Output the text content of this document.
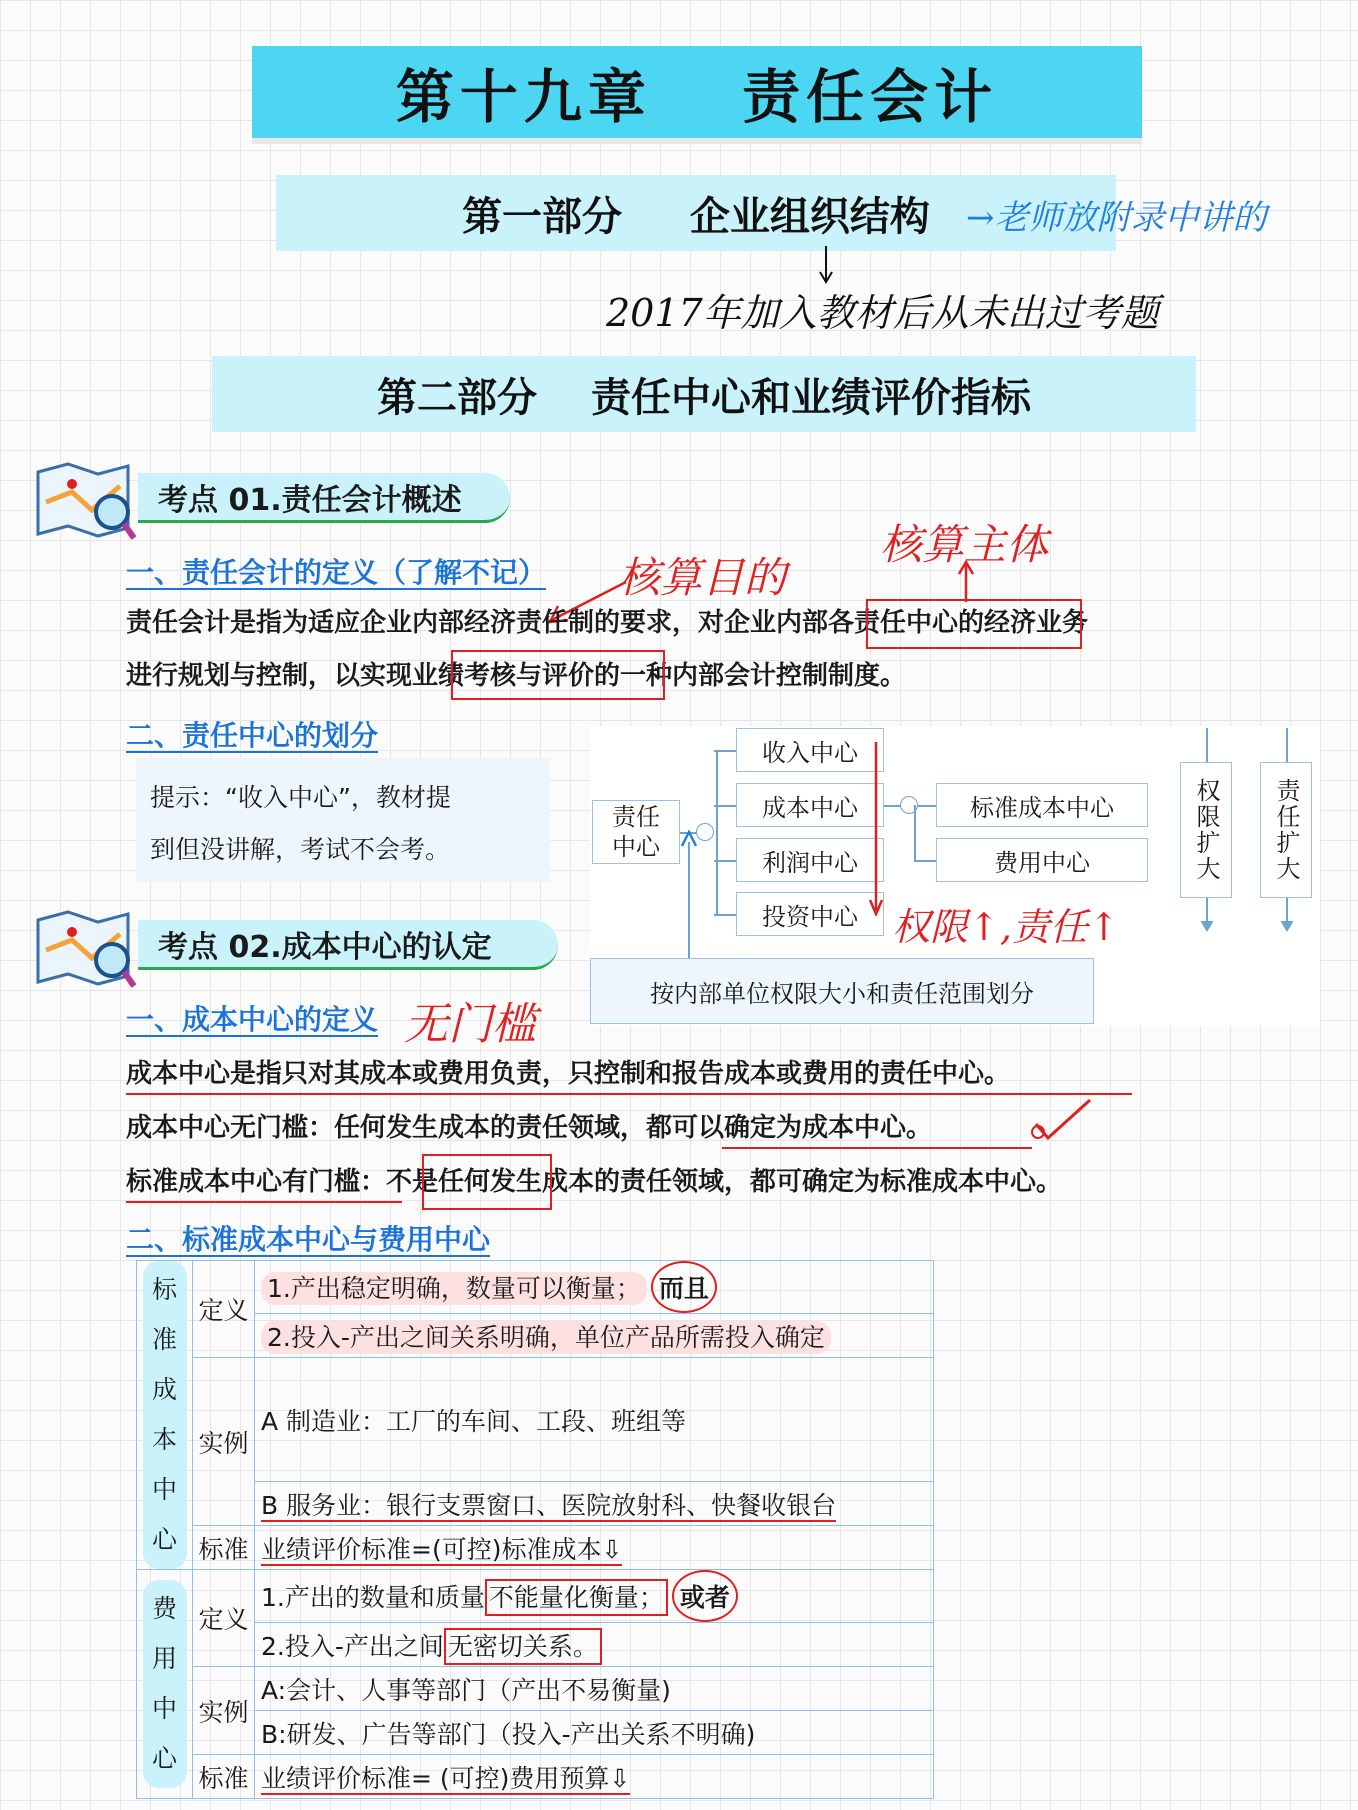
第十九章　 责任会计
第一部分　  企业组织结构	→老师放附录中讲的
2017年加入教材后从未出过考题
第二部分　 责任中心和业绩评价指标
考点 01.责任会计概述
一、责任会计的定义（了解不记） 核算目的
核算主体
责任会计是指为适应企业内部经济责任制的要求，对企业内部各责任中心的经济业务
进行规划与控制，以实现业绩考核与评价的一种内部会计控制制度。
二、责任中心的划分
提示：“收入中心”，教材提
到但没讲解，考试不会考。
责任中心
收入中心
成本中心
利润中心
投资中心
标准成本中心
费用中心
权限↑,责任↑
按内部单位权限大小和责任范围划分
权限扩大 责任扩大
考点 02.成本中心的认定
一、成本中心的定义 无门槛
成本中心是指只对其成本或费用负责，只控制和报告成本或费用的责任中心。
成本中心无门槛：任何发生成本的责任领域，都可以确定为成本中心。
标准成本中心有门槛：不是任何发生成本的责任领域，都可确定为标准成本中心。
二、标准成本中心与费用中心
标准成本中心	定义	1.产出稳定明确，数量可以衡量； 而且
		2.投入-产出之间关系明确，单位产品所需投入确定
	实例	A 制造业：工厂的车间、工段、班组等
		B 服务业：银行支票窗口、医院放射科、快餐收银台
	标准	业绩评价标准=(可控)标准成本⇩
费用中心	定义	1.产出的数量和质量 不能量化衡量； 或者
		2.投入-产出之间 无密切关系。
	实例	A:会计、人事等部门（产出不易衡量)
		B:研发、广告等部门（投入-产出关系不明确)
	标准	业绩评价标准= (可控)费用预算⇩
